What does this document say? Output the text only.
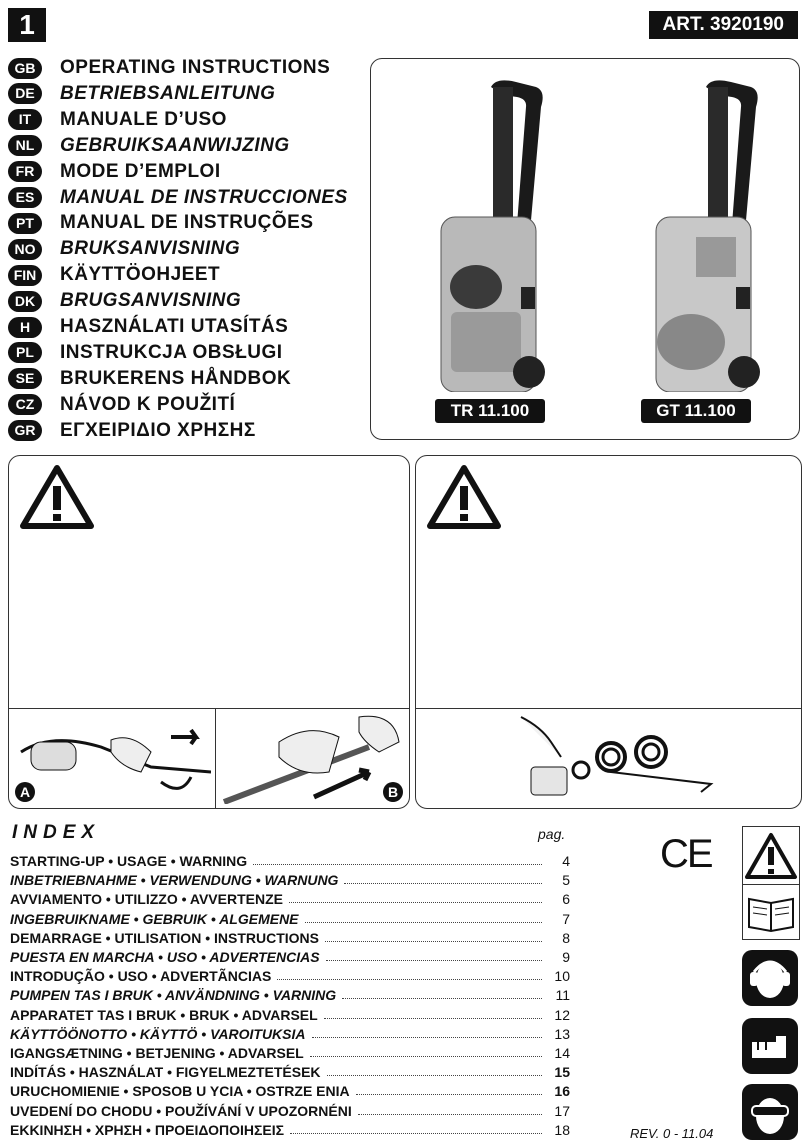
1	ART. 3920190
GB	OPERATING INSTRUCTIONS
DE	BETRIEBSANLEITUNG
IT	MANUALE D’USO
NL	GEBRUIKSAANWIJZING
FR	MODE D’EMPLOI
ES	MANUAL DE INSTRUCCIONES
PT	MANUAL DE INSTRUÇÕES
NO	BRUKSANVISNING
FIN	KÄYTTÖOHJEET
DK	BRUGSANVISNING
H	HASZNÁLATI UTASÍTÁS
PL	INSTRUKCJA OBSŁUGI
SE	BRUKERENS HÅNDBOK
CZ	NÁVOD K POUŽITÍ
GR	ΕΓΧΕΙΡΙΔΙΟ ΧΡΗΣΗΣ
TR 11.100	GT 11.100
A	B
INDEX	pag.
STARTING-UP • USAGE • WARNING	4
INBETRIEBNAHME • VERWENDUNG • WARNUNG	5
AVVIAMENTO • UTILIZZO • AVVERTENZE	6
INGEBRUIKNAME • GEBRUIK • ALGEMENE	7
DEMARRAGE • UTILISATION • INSTRUCTIONS	8
PUESTA EN MARCHA • USO • ADVERTENCIAS	9
INTRODUÇÃO • USO • ADVERTÃNCIAS	10
PUMPEN TAS I BRUK • ANVÄNDNING • VARNING	11
APPARATET TAS I BRUK • BRUK • ADVARSEL	12
KÄYTTÖÖNOTTO • KÄYTTÖ • VAROITUKSIA	13
IGANGSÆTNING • BETJENING • ADVARSEL	14
INDÍTÁS • HASZNÁLAT • FIGYELMEZTETÉSEK	15
URUCHOMIENIE • SPOSOB U YCIA • OSTRZE ENIA	16
UVEDENÍ DO CHODU • POUŽÍVÁNÍ V UPOZORNÉNI	17
ΕΚΚΙΝΗΣΗ • ΧΡΗΣΗ • ΠΡΟΕΙΔΟΠΟΙΗΣΕΙΣ	18
CE
REV. 0 - 11.04
